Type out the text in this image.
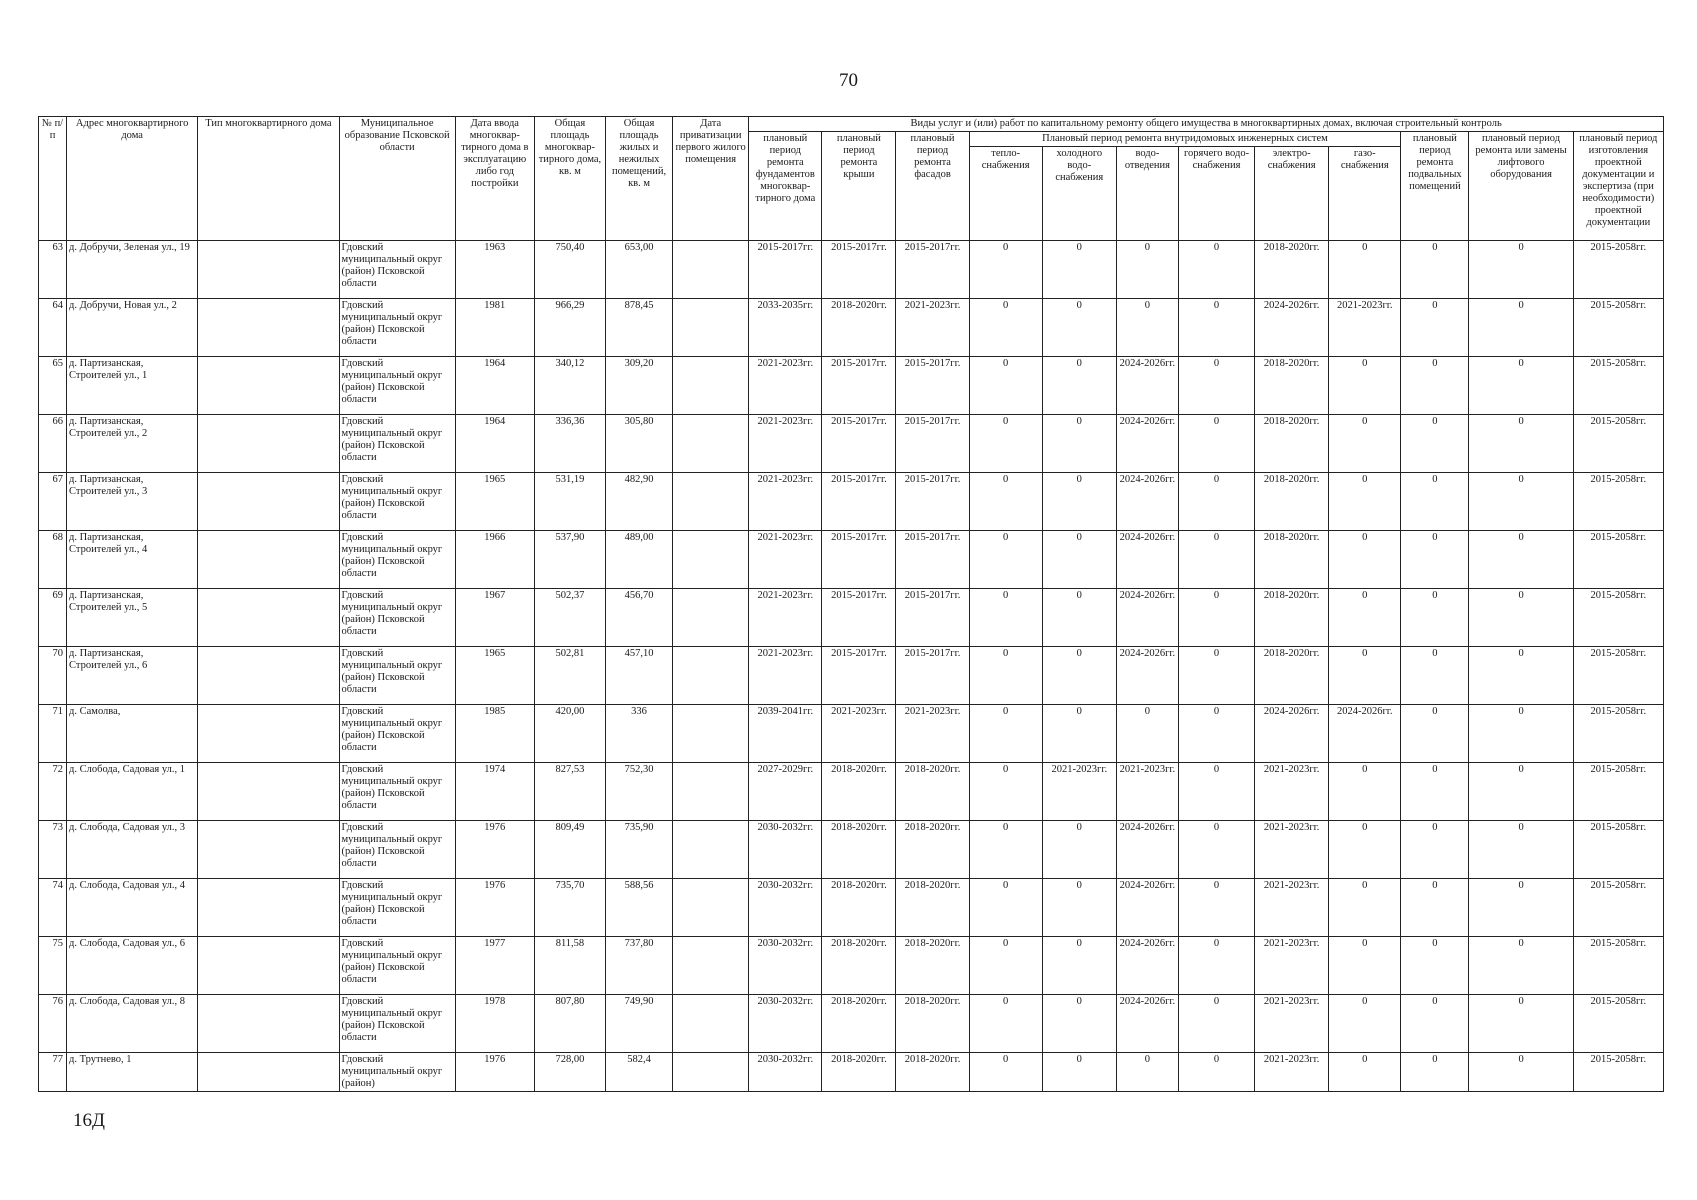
70
№ п/п	Адрес многоквартирного дома	Тип многоквартирного дома	Муниципальное образование Псковской области	Дата ввода многоквар-тирного дома в эксплуатацию либо год постройки	Общая площадь многоквар-тирного дома, кв. м	Общая площадь жилых и нежилых помещений, кв. м	Дата приватизации первого жилого помещения	Виды услуг и (или) работ по капитальному ремонту общего имущества в многоквартирных домах, включая строительный контроль											
								плановый период ремонта фундаментов многоквар-тирного дома	плановый период ремонта крыши	плановый период ремонта фасадов	Плановый период ремонта внутридомовых инженерных систем						плановый период ремонта подвальных помещений	плановый период ремонта или замены лифтового оборудования	плановый период изготовления проектной документации и экспертиза (при необходимости) проектной документации
											тепло-снабжения	холодного водо-снабжения	водо-отведения	горячего водо-снабжения	электро-снабжения	газо-снабжения			
63	д. Добручи, Зеленая ул., 19		Гдовский муниципальный округ (район) Псковской области	1963	750,40	653,00		2015-2017гг.	2015-2017гг.	2015-2017гг.	0	0	0	0	2018-2020гг.	0	0	0	2015-2058гг.
64	д. Добручи, Новая ул., 2		Гдовский муниципальный округ (район) Псковской области	1981	966,29	878,45		2033-2035гг.	2018-2020гг.	2021-2023гг.	0	0	0	0	2024-2026гг.	2021-2023гг.	0	0	2015-2058гг.
65	д. Партизанская, Строителей ул., 1		Гдовский муниципальный округ (район) Псковской области	1964	340,12	309,20		2021-2023гг.	2015-2017гг.	2015-2017гг.	0	0	2024-2026гг.	0	2018-2020гг.	0	0	0	2015-2058гг.
66	д. Партизанская, Строителей ул., 2		Гдовский муниципальный округ (район) Псковской области	1964	336,36	305,80		2021-2023гг.	2015-2017гг.	2015-2017гг.	0	0	2024-2026гг.	0	2018-2020гг.	0	0	0	2015-2058гг.
67	д. Партизанская, Строителей ул., 3		Гдовский муниципальный округ (район) Псковской области	1965	531,19	482,90		2021-2023гг.	2015-2017гг.	2015-2017гг.	0	0	2024-2026гг.	0	2018-2020гг.	0	0	0	2015-2058гг.
68	д. Партизанская, Строителей ул., 4		Гдовский муниципальный округ (район) Псковской области	1966	537,90	489,00		2021-2023гг.	2015-2017гг.	2015-2017гг.	0	0	2024-2026гг.	0	2018-2020гг.	0	0	0	2015-2058гг.
69	д. Партизанская, Строителей ул., 5		Гдовский муниципальный округ (район) Псковской области	1967	502,37	456,70		2021-2023гг.	2015-2017гг.	2015-2017гг.	0	0	2024-2026гг.	0	2018-2020гг.	0	0	0	2015-2058гг.
70	д. Партизанская, Строителей ул., 6		Гдовский муниципальный округ (район) Псковской области	1965	502,81	457,10		2021-2023гг.	2015-2017гг.	2015-2017гг.	0	0	2024-2026гг.	0	2018-2020гг.	0	0	0	2015-2058гг.
71	д. Самолва,		Гдовский муниципальный округ (район) Псковской области	1985	420,00	336		2039-2041гг.	2021-2023гг.	2021-2023гг.	0	0	0	0	2024-2026гг.	2024-2026гг.	0	0	2015-2058гг.
72	д. Слобода, Садовая ул., 1		Гдовский муниципальный округ (район) Псковской области	1974	827,53	752,30		2027-2029гг.	2018-2020гг.	2018-2020гг.	0	2021-2023гг.	2021-2023гг.	0	2021-2023гг.	0	0	0	2015-2058гг.
73	д. Слобода, Садовая ул., 3		Гдовский муниципальный округ (район) Псковской области	1976	809,49	735,90		2030-2032гг.	2018-2020гг.	2018-2020гг.	0	0	2024-2026гг.	0	2021-2023гг.	0	0	0	2015-2058гг.
74	д. Слобода, Садовая ул., 4		Гдовский муниципальный округ (район) Псковской области	1976	735,70	588,56		2030-2032гг.	2018-2020гг.	2018-2020гг.	0	0	2024-2026гг.	0	2021-2023гг.	0	0	0	2015-2058гг.
75	д. Слобода, Садовая ул., 6		Гдовский муниципальный округ (район) Псковской области	1977	811,58	737,80		2030-2032гг.	2018-2020гг.	2018-2020гг.	0	0	2024-2026гг.	0	2021-2023гг.	0	0	0	2015-2058гг.
76	д. Слобода, Садовая ул., 8		Гдовский муниципальный округ (район) Псковской области	1978	807,80	749,90		2030-2032гг.	2018-2020гг.	2018-2020гг.	0	0	2024-2026гг.	0	2021-2023гг.	0	0	0	2015-2058гг.
77	д. Трутнево, 1		Гдовский муниципальный округ (район)	1976	728,00	582,4		2030-2032гг.	2018-2020гг.	2018-2020гг.	0	0	0	0	2021-2023гг.	0	0	0	2015-2058гг.
16Д
